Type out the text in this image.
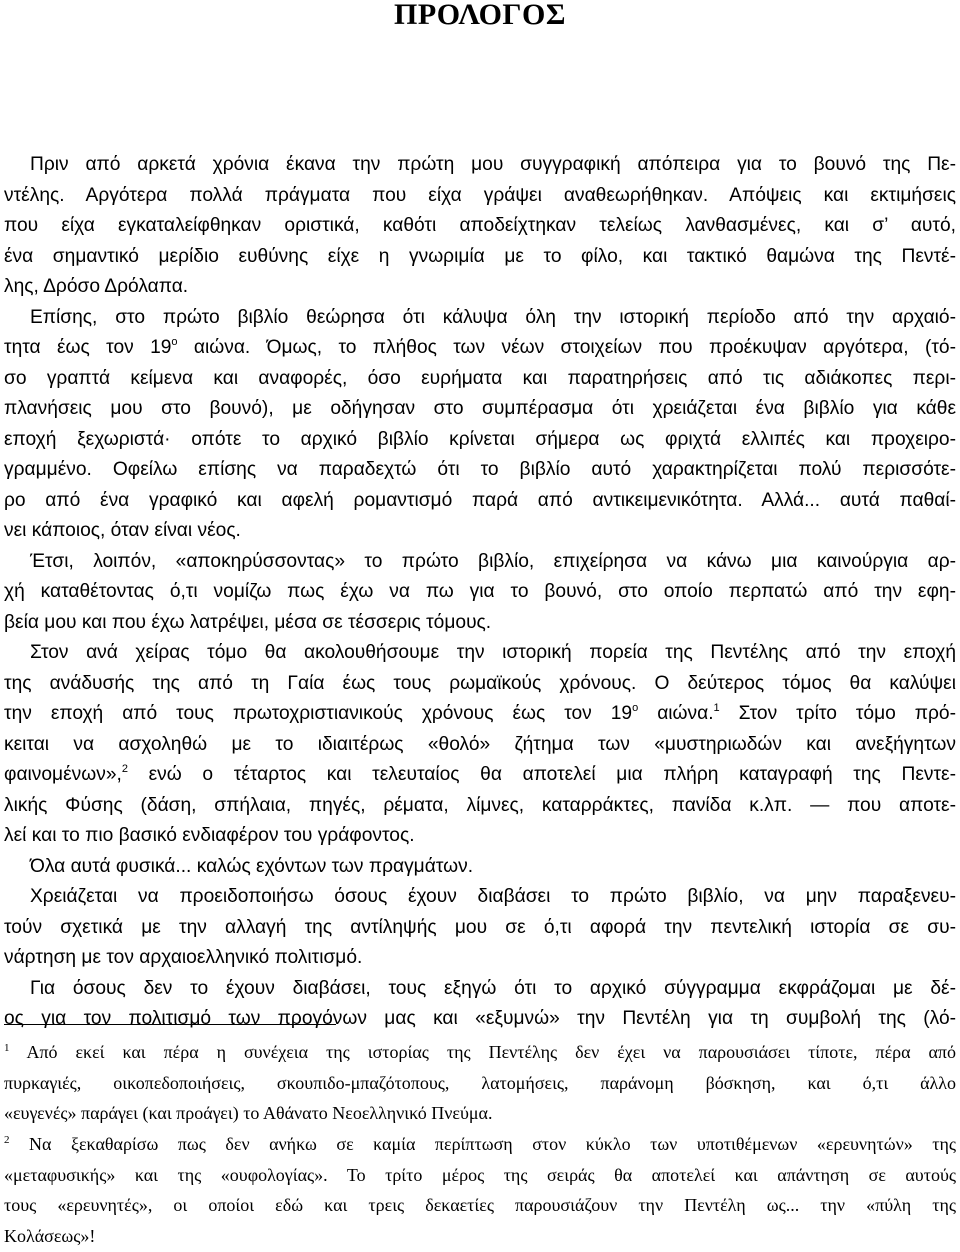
ΠΡΟΛΟΓΟΣ
Πριν από αρκετά χρόνια έκανα την πρώτη μου συγγραφική απόπειρα για το βουνό της Πε-
ντέλης. Αργότερα πολλά πράγματα που είχα γράψει αναθεωρήθηκαν. Απόψεις και εκτιμήσεις
που είχα εγκαταλείφθηκαν οριστικά, καθότι αποδείχτηκαν τελείως λανθασμένες, και σ’ αυτό,
ένα σημαντικό μερίδιο ευθύνης είχε η γνωριμία με το φίλο, και τακτικό θαμώνα της Πεντέ-
λης, Δρόσο Δρόλαπα.
Επίσης, στο πρώτο βιβλίο θεώρησα ότι κάλυψα όλη την ιστορική περίοδο από την αρχαιό-
τητα έως τον $19^o$ αιώνα. Όμως, το πλήθος των νέων στοιχείων που προέκυψαν αργότερα, (τό-
σο γραπτά κείμενα και αναφορές, όσο ευρήματα και παρατηρήσεις από τις αδιάκοπες περι-
πλανήσεις μου στο βουνό), με οδήγησαν στο συμπέρασμα ότι χρειάζεται ένα βιβλίο για κάθε
εποχή ξεχωριστά· οπότε το αρχικό βιβλίο κρίνεται σήμερα ως φριχτά ελλιπές και προχειρο-
γραμμένο. Οφείλω επίσης να παραδεχτώ ότι το βιβλίο αυτό χαρακτηρίζεται πολύ περισσότε-
ρο από ένα γραφικό και αφελή ρομαντισμό παρά από αντικειμενικότητα. Αλλά... αυτά παθαί-
νει κάποιος, όταν είναι νέος.
Έτσι, λοιπόν, «αποκηρύσσοντας» το πρώτο βιβλίο, επιχείρησα να κάνω μια καινούργια αρ-
χή καταθέτοντας ό,τι νομίζω πως έχω να πω για το βουνό, στο οποίο περπατώ από την εφη-
βεία μου και που έχω λατρέψει, μέσα σε τέσσερις τόμους.
Στον ανά χείρας τόμο θα ακολουθήσουμε την ιστορική πορεία της Πεντέλης από την εποχή
της ανάδυσής της από τη Γαία έως τους ρωμαϊκούς χρόνους. Ο δεύτερος τόμος θα καλύψει
την εποχή από τους πρωτοχριστιανικούς χρόνους έως τον $19^o$ αιώνα.$^1$ Στον τρίτο τόμο πρό-
κειται να ασχοληθώ με το ιδιαιτέρως «θολό» ζήτημα των «μυστηριωδών και ανεξήγητων
φαινομένων»,$^2$ ενώ ο τέταρτος και τελευταίος θα αποτελεί μια πλήρη καταγραφή της Πεντε-
λικής Φύσης (δάση, σπήλαια, πηγές, ρέματα, λίμνες, καταρράκτες, πανίδα κ.λπ. — που αποτε-
λεί και το πιο βασικό ενδιαφέρον του γράφοντος.
Όλα αυτά φυσικά... καλώς εχόντων των πραγμάτων.
Χρειάζεται να προειδοποιήσω όσους έχουν διαβάσει το πρώτο βιβλίο, να μην παραξενευ-
τούν σχετικά με την αλλαγή της αντίληψής μου σε ό,τι αφορά την πεντελική ιστορία σε συ-
νάρτηση με τον αρχαιοελληνικό πολιτισμό.
Για όσους δεν το έχουν διαβάσει, τους εξηγώ ότι το αρχικό σύγγραμμα εκφράζομαι με δέ-
ος για τον πολιτισμό των προγόνων μας και «εξυμνώ» την Πεντέλη για τη συμβολή της (λό-
$^1$ Από εκεί και πέρα η συνέχεια της ιστορίας της Πεντέλης δεν έχει να παρουσιάσει τίποτε, πέρα από
πυρκαγιές, οικοπεδοποιήσεις, σκουπιδο-μπαζότοπους, λατομήσεις, παράνομη βόσκηση, και ό,τι άλλο
«ευγενές» παράγει (και προάγει) το Αθάνατο Νεοελληνικό Πνεύμα.
$^2$ Να ξεκαθαρίσω πως δεν ανήκω σε καμία περίπτωση στον κύκλο των υποτιθέμενων «ερευνητών» της
«μεταφυσικής» και της «ουφολογίας». Το τρίτο μέρος της σειράς θα αποτελεί και απάντηση σε αυτούς
τους «ερευνητές», οι οποίοι εδώ και τρεις δεκαετίες παρουσιάζουν την Πεντέλη ως... την «πύλη της
Κολάσεως»!
